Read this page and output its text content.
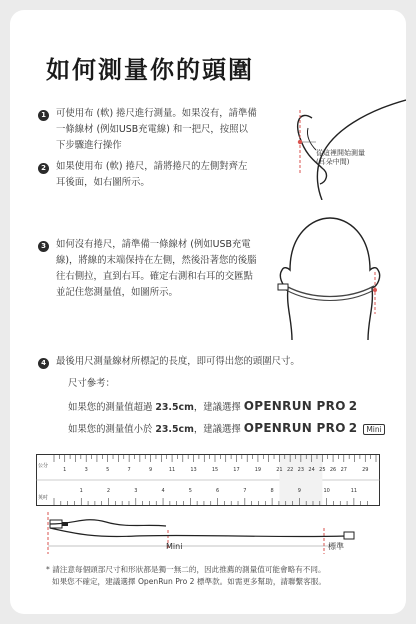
如何測量你的頭圍
1	可使用布 (軟) 捲尺進行測量。如果沒有，請準備
一條線材 (例如USB充電線) 和一把尺，按照以
下步驟進行操作
2	如果使用布 (軟) 捲尺，請將捲尺的左側對齊左
耳後面，如右圖所示。
從這裡開始測量
(耳朵中間)
3	如何沒有捲尺，請準備一條線材 (例如USB充電
線)，將線的末端保持在左側，然後沿著您的後腦
往右側拉，直到右耳。確定右測和右耳的交匯點
並記住您測量值，如圖所示。
4	最後用尺測量線材所標記的長度，即可得出您的頭圍尺寸。
尺寸參考：
如果您的測量值超過 23.5cm，建議選擇 OPENRUN PRO 2
如果您的測量值小於 23.5cm，建議選擇 OPENRUN PRO 2 Mini
1	3	5	7	9	11	13	15	17	19	21 22 23 24 25 26 27	29
1	2	3	4	5	6	7	8	9	10	11
公分
英吋
Mini	標準
* 請注意每個頭部尺寸和形狀都是獨一無二的，因此推薦的測量值可能會略有不同。
如果您不確定，建議選擇 OpenRun Pro 2 標準款。如需更多幫助，請聯繫客服。
